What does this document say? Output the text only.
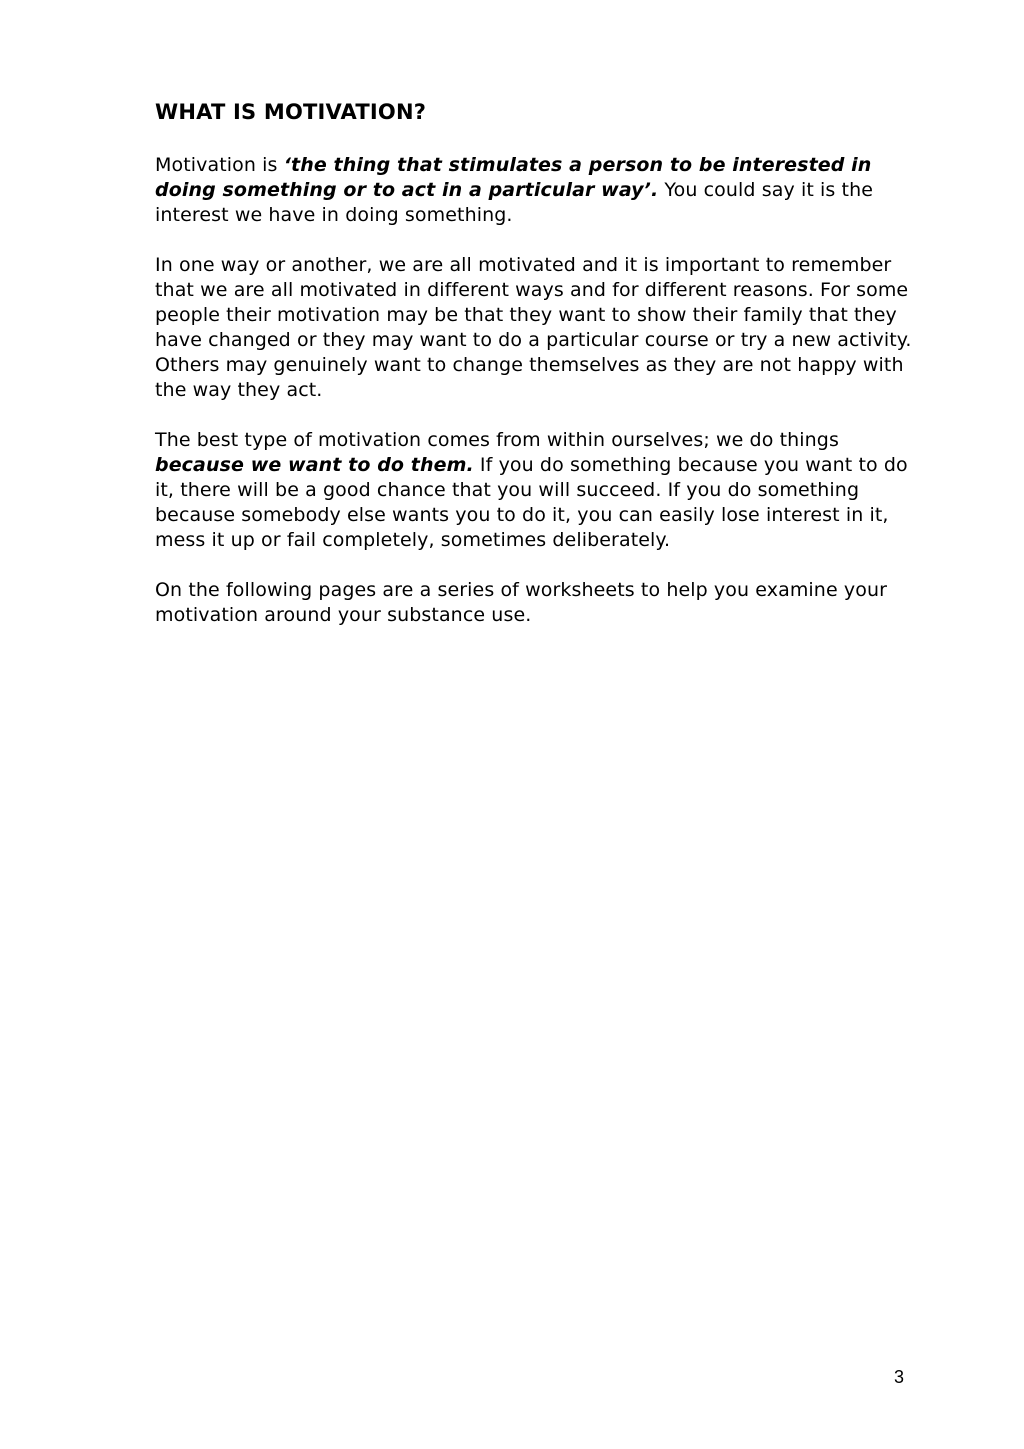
WHAT IS MOTIVATION?

Motivation is ‘the thing that stimulates a person to be interested in doing something or to act in a particular way’. You could say it is the interest we have in doing something.

In one way or another, we are all motivated and it is important to remember that we are all motivated in different ways and for different reasons. For some people their motivation may be that they want to show their family that they have changed or they may want to do a particular course or try a new activity. Others may genuinely want to change themselves as they are not happy with the way they act.

The best type of motivation comes from within ourselves; we do things because we want to do them. If you do something because you want to do it, there will be a good chance that you will succeed. If you do something because somebody else wants you to do it, you can easily lose interest in it, mess it up or fail completely, sometimes deliberately.

On the following pages are a series of worksheets to help you examine your motivation around your substance use.

3
